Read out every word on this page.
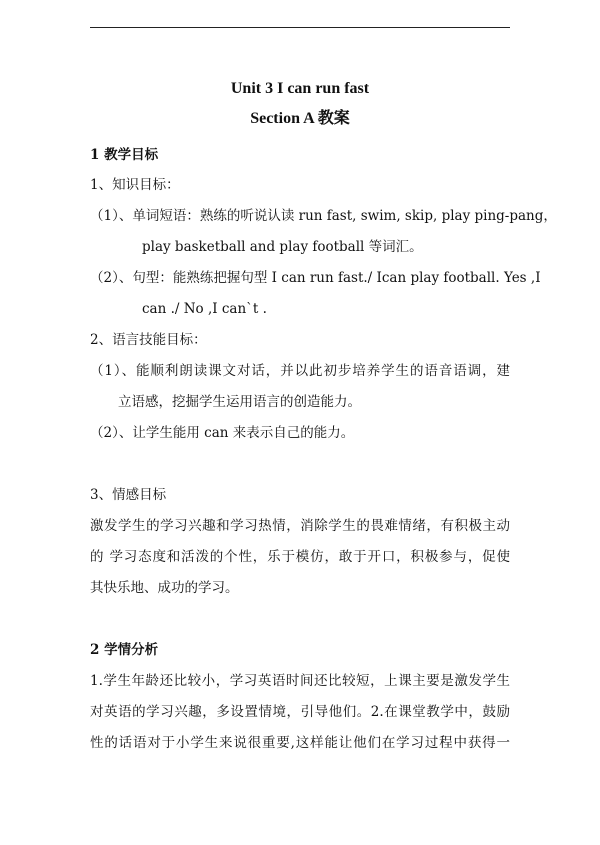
Unit 3 I can run fast
Section A 教案
1 教学目标
1、知识目标：
（1）、单词短语：熟练的听说认读 run fast, swim, skip, play ping-pang，
play basketball and play football 等词汇。
（2）、句型：能熟练把握句型 I can run fast./ Ican play football. Yes ,I
can ./ No ,I can`t .
2、语言技能目标：
（1）、能顺利朗读课文对话，并以此初步培养学生的语音语调，建
立语感，挖掘学生运用语言的创造能力。
（2）、让学生能用 can 来表示自己的能力。
3、情感目标
激发学生的学习兴趣和学习热情，消除学生的畏难情绪，有积极主动
的 学习态度和活泼的个性，乐于模仿，敢于开口，积极参与，促使
其快乐地、成功的学习。
2 学情分析
1.学生年龄还比较小，学习英语时间还比较短，上课主要是激发学生
对英语的学习兴趣，多设置情境，引导他们。2.在课堂教学中，鼓励
性的话语对于小学生来说很重要,这样能让他们在学习过程中获得一
